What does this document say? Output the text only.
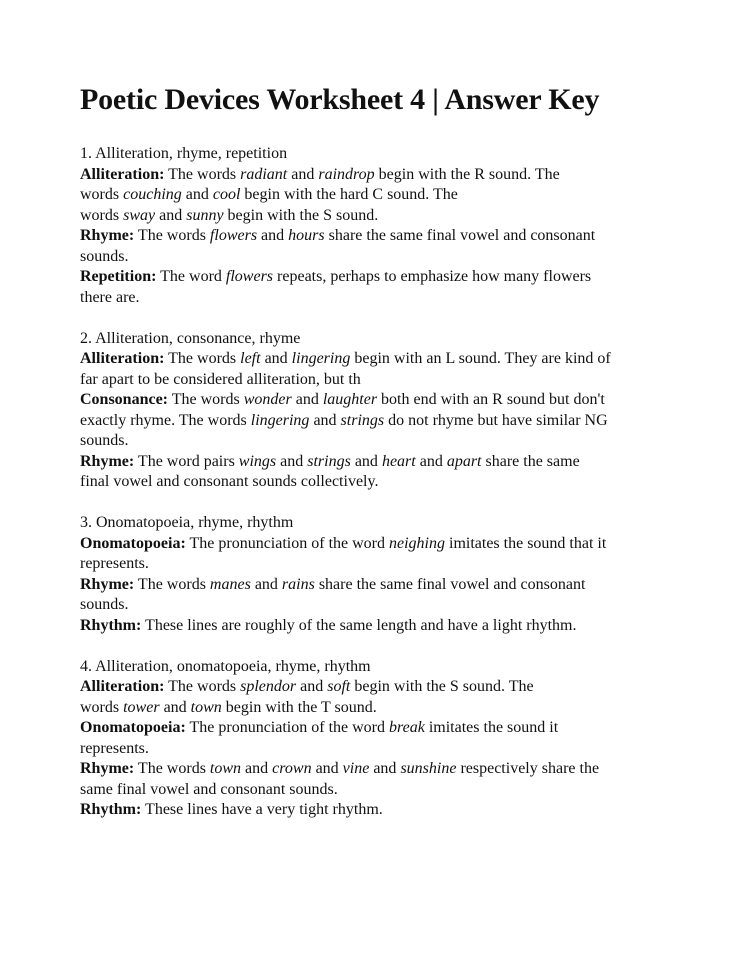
Poetic Devices Worksheet 4 | Answer Key
1. Alliteration, rhyme, repetition
Alliteration: The words radiant and raindrop begin with the R sound. The
words couching and cool begin with the hard C sound. The
words sway and sunny begin with the S sound.
Rhyme: The words flowers and hours share the same final vowel and consonant
sounds.
Repetition: The word flowers repeats, perhaps to emphasize how many flowers
there are.
2. Alliteration, consonance, rhyme
Alliteration: The words left and lingering begin with an L sound. They are kind of
far apart to be considered alliteration, but th
Consonance: The words wonder and laughter both end with an R sound but don't
exactly rhyme. The words lingering and strings do not rhyme but have similar NG
sounds.
Rhyme: The word pairs wings and strings and heart and apart share the same
final vowel and consonant sounds collectively.
3. Onomatopoeia, rhyme, rhythm
Onomatopoeia: The pronunciation of the word neighing imitates the sound that it
represents.
Rhyme: The words manes and rains share the same final vowel and consonant
sounds.
Rhythm: These lines are roughly of the same length and have a light rhythm.
4. Alliteration, onomatopoeia, rhyme, rhythm
Alliteration: The words splendor and soft begin with the S sound. The
words tower and town begin with the T sound.
Onomatopoeia: The pronunciation of the word break imitates the sound it
represents.
Rhyme: The words town and crown and vine and sunshine respectively share the
same final vowel and consonant sounds.
Rhythm: These lines have a very tight rhythm.
